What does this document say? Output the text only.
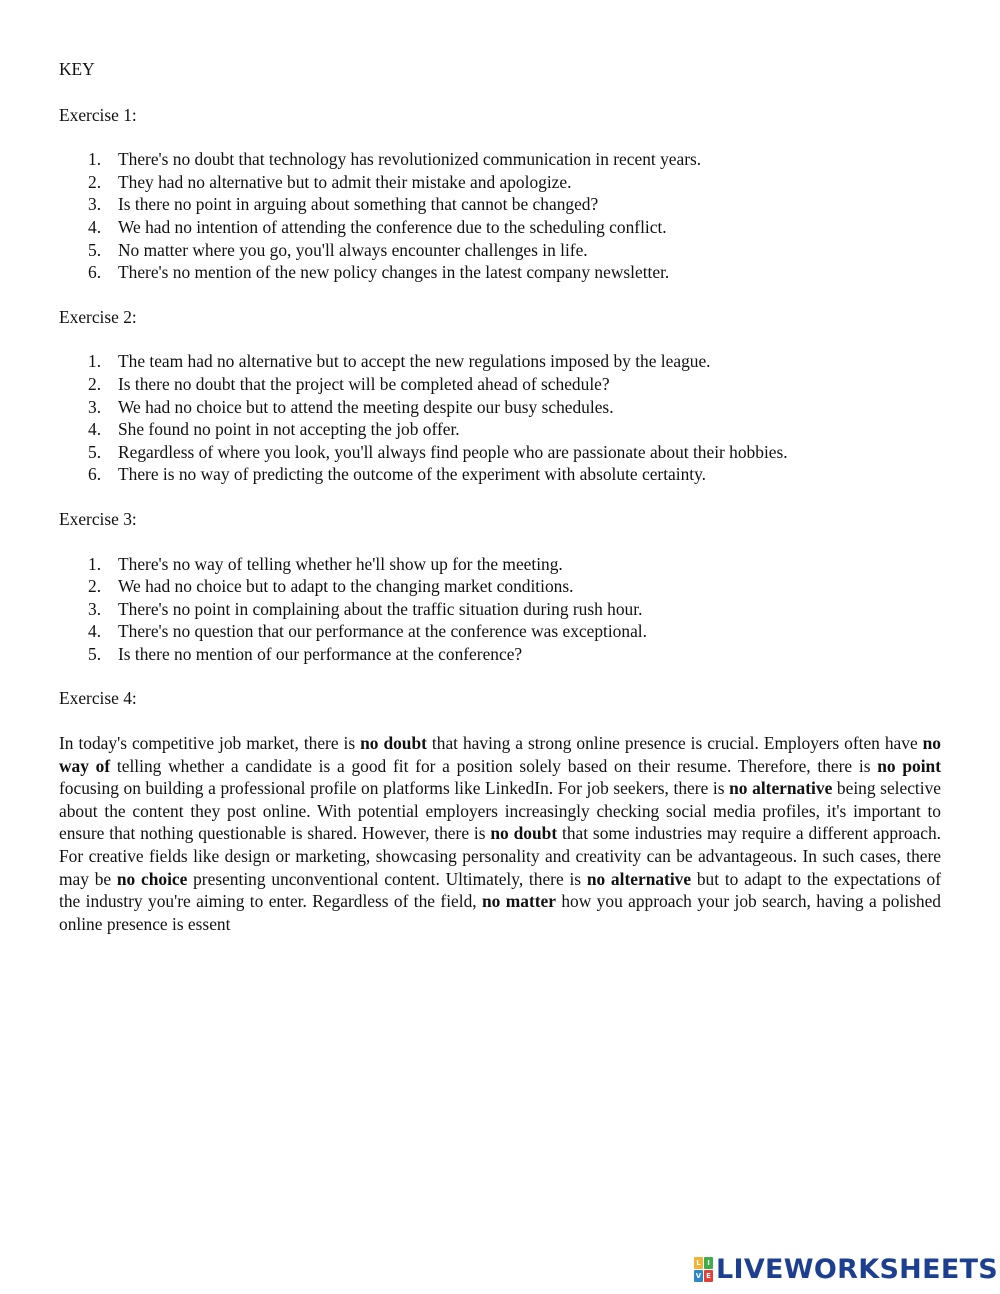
KEY
Exercise 1:
1. There's no doubt that technology has revolutionized communication in recent years.
2. They had no alternative but to admit their mistake and apologize.
3. Is there no point in arguing about something that cannot be changed?
4. We had no intention of attending the conference due to the scheduling conflict.
5. No matter where you go, you'll always encounter challenges in life.
6. There's no mention of the new policy changes in the latest company newsletter.
Exercise 2:
1. The team had no alternative but to accept the new regulations imposed by the league.
2. Is there no doubt that the project will be completed ahead of schedule?
3. We had no choice but to attend the meeting despite our busy schedules.
4. She found no point in not accepting the job offer.
5. Regardless of where you look, you'll always find people who are passionate about their hobbies.
6. There is no way of predicting the outcome of the experiment with absolute certainty.
Exercise 3:
1. There's no way of telling whether he'll show up for the meeting.
2. We had no choice but to adapt to the changing market conditions.
3. There's no point in complaining about the traffic situation during rush hour.
4. There's no question that our performance at the conference was exceptional.
5. Is there no mention of our performance at the conference?
Exercise 4:

In today's competitive job market, there is no doubt that having a strong online presence is crucial. Employers often have no way of telling whether a candidate is a good fit for a position solely based on their resume. Therefore, there is no point focusing on building a professional profile on platforms like LinkedIn. For job seekers, there is no alternative being selective about the content they post online. With potential employers increasingly checking social media profiles, it's important to ensure that nothing questionable is shared. However, there is no doubt that some industries may require a different approach. For creative fields like design or marketing, showcasing personality and creativity can be advantageous. In such cases, there may be no choice presenting unconventional content. Ultimately, there is no alternative but to adapt to the expectations of the industry you're aiming to enter. Regardless of the field, no matter how you approach your job search, having a polished online presence is essent

L I
V E LIVEWORKSHEETS
